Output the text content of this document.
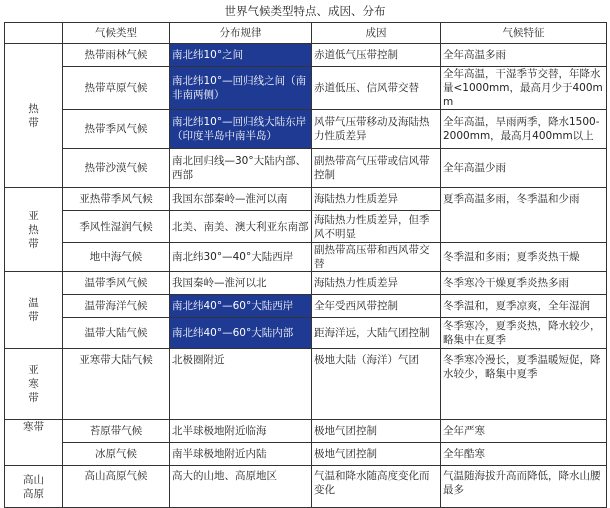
世界气候类型特点、成因、分布
	气候类型	分布规律	成因	气候特征
热
带	热带雨林气候	南北纬10°之间	赤道低气压带控制	全年高温多雨
	热带草原气候	南北纬10°—回归线之间（南非南两侧）	赤道低压、信风带交替	全年高温，干湿季节交替，年降水量<1000mm，最高月少于400mm
	热带季风气候	南北纬10°—回归线大陆东岸（印度半岛中南半岛）	风带气压带移动及海陆热力性质差异	全年高温，旱雨两季，降水1500-2000mm，最高月400mm以上
	热带沙漠气候	南北回归线—30°大陆内部、西部	副热带高气压带或信风带控制	全年高温少雨
亚
热
带	亚热带季风气候	我国东部秦岭—淮河以南	海陆热力性质差异	夏季高温多雨，冬季温和少雨
	季风性湿润气候	北美、南美、澳大利亚东南部	海陆热力性质差异，但季风不明显	
	地中海气候	南北纬30°—40°大陆西岸	副热带高压带和西风带交替	冬季温和多雨；夏季炎热干燥
温
带	温带季风气候	我国秦岭—淮河以北	海陆热力性质差异	冬季寒冷干燥夏季炎热多雨
	温带海洋气候	南北纬40°—60°大陆西岸	全年受西风带控制	冬季温和，夏季凉爽，全年湿润
	温带大陆气候	南北纬40°—60°大陆内部	距海洋远，大陆气团控制	冬季寒冷，夏季炎热，降水较少，略集中在夏季
亚
寒
带	亚寒带大陆气候	北极圈附近	极地大陆（海洋）气团	冬季寒冷漫长，夏季温暖短促，降水较少，略集中夏季
寒带	苔原带气候	北半球极地附近临海	极地气团控制	全年严寒
	冰原气候	南半球极地附近内陆	极地气团控制	全年酷寒
高山
高原	高山高原气候	高大的山地、高原地区	气温和降水随高度变化而变化	气温随海拔升高而降低，降水山腰最多
